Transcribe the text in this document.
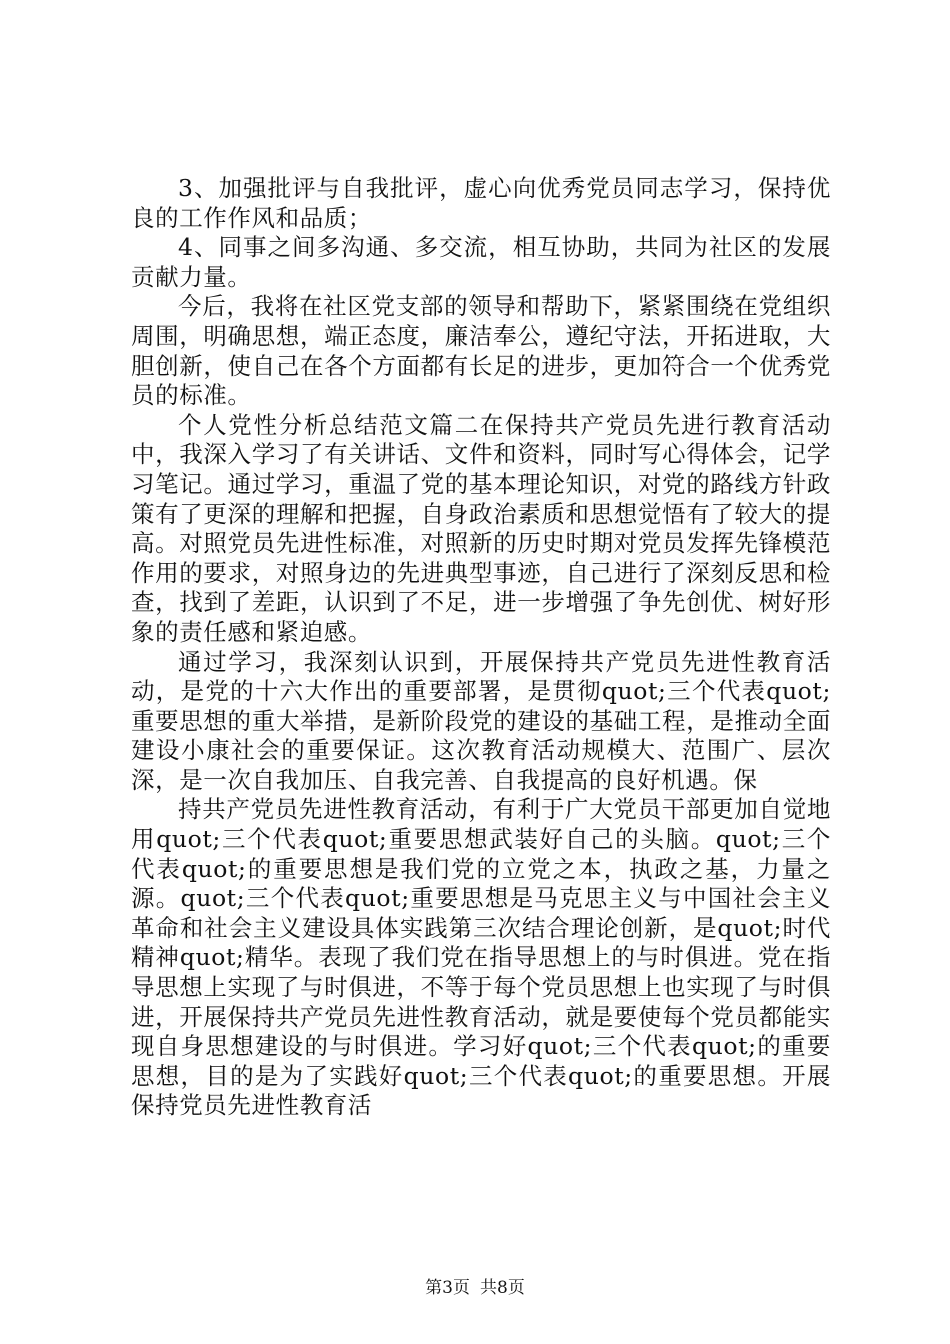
3、加强批评与自我批评，虚心向优秀党员同志学习，保持优良的工作作风和品质；

4、同事之间多沟通、多交流，相互协助，共同为社区的发展贡献力量。

今后，我将在社区党支部的领导和帮助下，紧紧围绕在党组织周围，明确思想，端正态度，廉洁奉公，遵纪守法，开拓进取，大胆创新，使自己在各个方面都有长足的进步，更加符合一个优秀党员的标准。

个人党性分析总结范文篇二在保持共产党员先进行教育活动中，我深入学习了有关讲话、文件和资料，同时写心得体会，记学习笔记。通过学习，重温了党的基本理论知识，对党的路线方针政策有了更深的理解和把握，自身政治素质和思想觉悟有了较大的提高。对照党员先进性标准，对照新的历史时期对党员发挥先锋模范作用的要求，对照身边的先进典型事迹，自己进行了深刻反思和检查，找到了差距，认识到了不足，进一步增强了争先创优、树好形象的责任感和紧迫感。

通过学习，我深刻认识到，开展保持共产党员先进性教育活动，是党的十六大作出的重要部署，是贯彻quot;三个代表quot;重要思想的重大举措，是新阶段党的建设的基础工程，是推动全面建设小康社会的重要保证。这次教育活动规模大、范围广、层次深，是一次自我加压、自我完善、自我提高的良好机遇。保

持共产党员先进性教育活动，有利于广大党员干部更加自觉地用quot;三个代表quot;重要思想武装好自己的头脑。quot;三个代表quot;的重要思想是我们党的立党之本，执政之基，力量之源。quot;三个代表quot;重要思想是马克思主义与中国社会主义革命和社会主义建设具体实践第三次结合理论创新，是quot;时代精神quot;精华。表现了我们党在指导思想上的与时俱进。党在指导思想上实现了与时俱进，不等于每个党员思想上也实现了与时俱进，开展保持共产党员先进性教育活动，就是要使每个党员都能实现自身思想建设的与时俱进。学习好quot;三个代表quot;的重要思想，目的是为了实践好quot;三个代表quot;的重要思想。开展保持党员先进性教育活

第3页 共8页
